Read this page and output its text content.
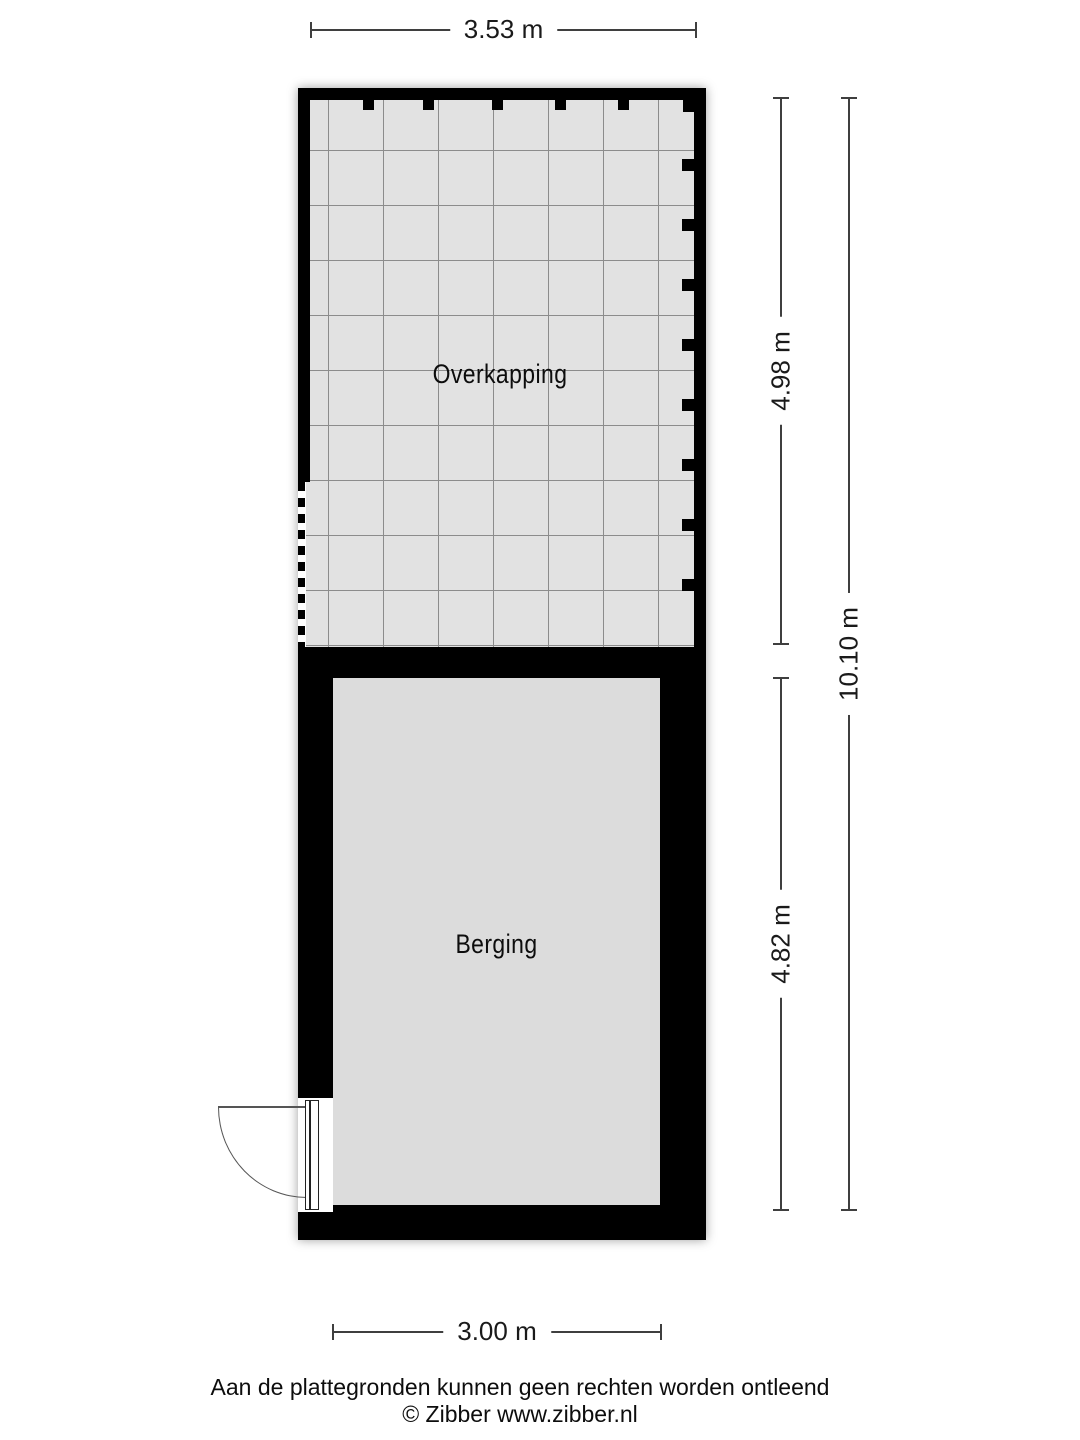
3.53 m
Overkapping
Berging
4.98 m
4.82 m
10.10 m
3.00 m
Aan de plattegronden kunnen geen rechten worden ontleend
© Zibber www.zibber.nl
